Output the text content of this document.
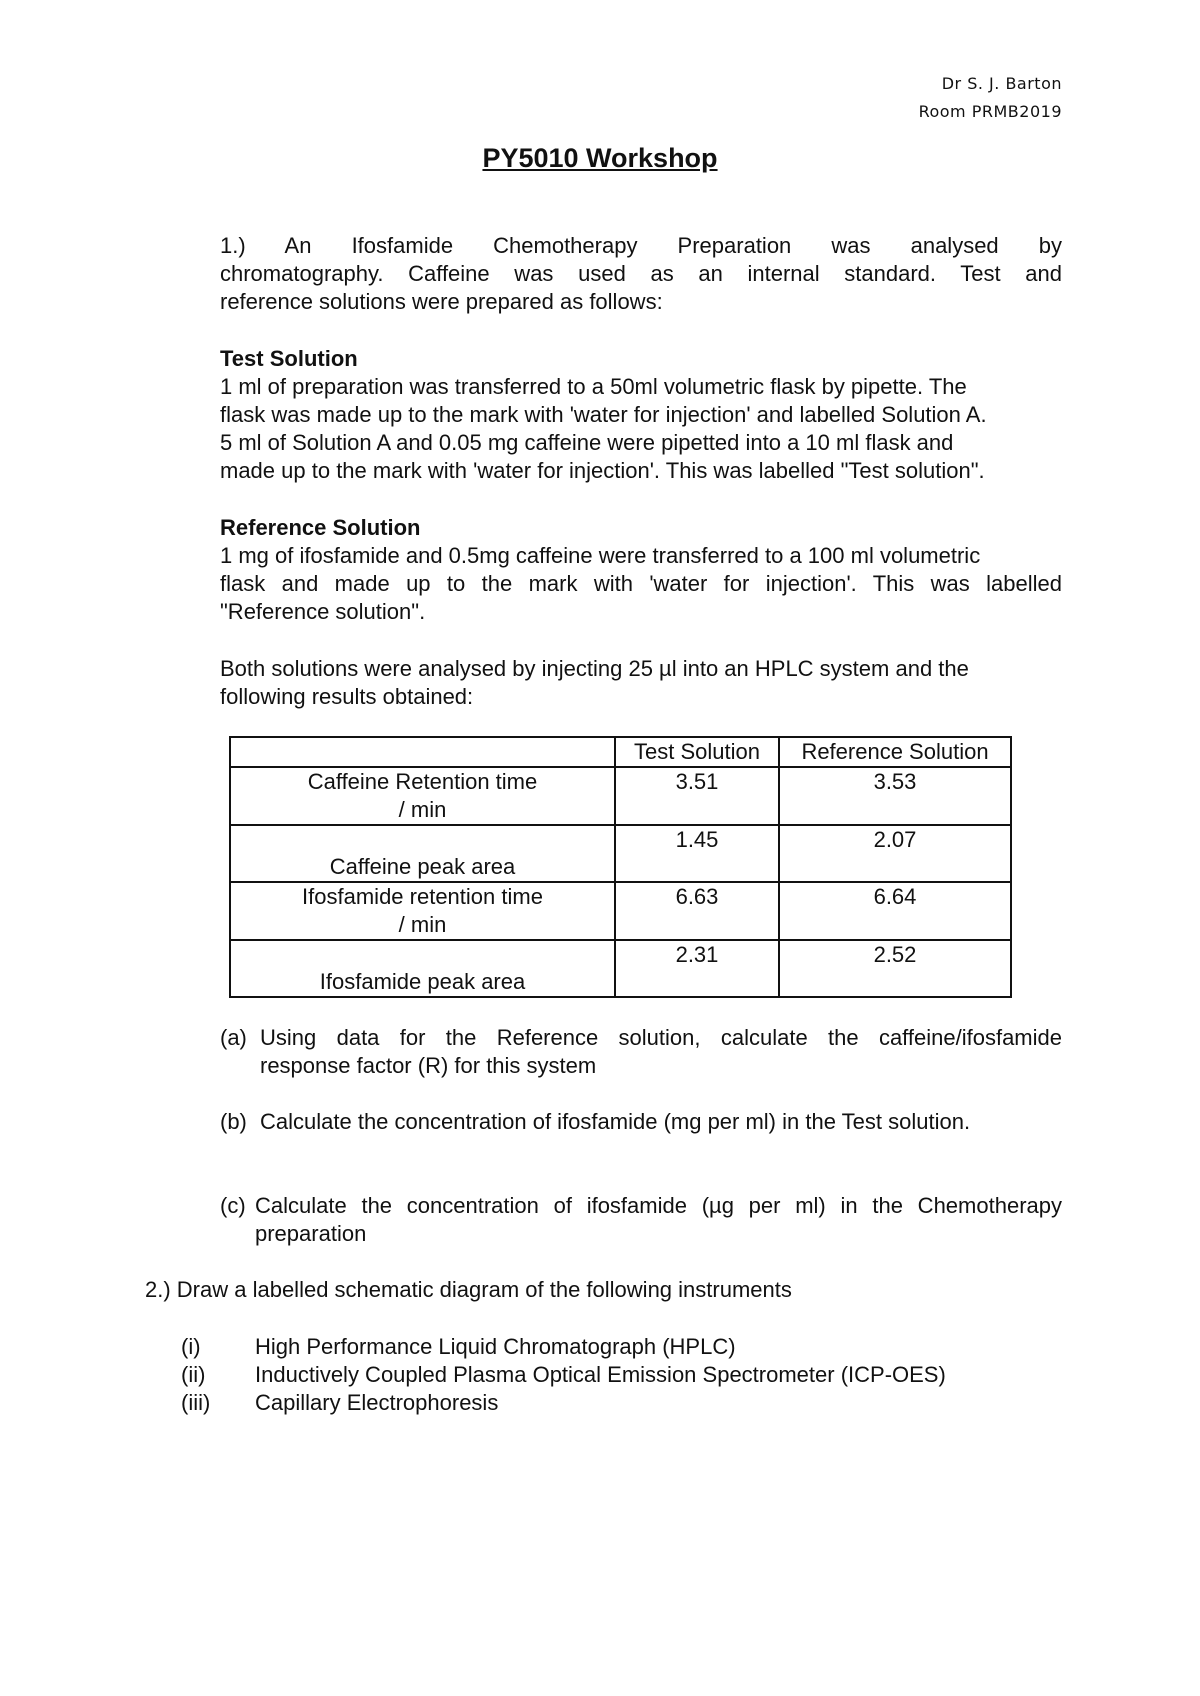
Dr S. J. Barton
Room PRMB2019
PY5010 Workshop
1.) An Ifosfamide Chemotherapy Preparation was analysed by
chromatography. Caffeine was used as an internal standard. Test and
reference solutions were prepared as follows:
Test Solution
1 ml of preparation was transferred to a 50ml volumetric flask by pipette. The
flask was made up to the mark with 'water for injection' and labelled Solution A.
5 ml of Solution A and 0.05 mg caffeine were pipetted into a 10 ml flask and
made up to the mark with 'water for injection'. This was labelled "Test solution".
Reference Solution
1 mg of ifosfamide and 0.5mg caffeine were transferred to a 100 ml volumetric
flask and made up to the mark with 'water for injection'. This was labelled
"Reference solution".
Both solutions were analysed by injecting 25 µl into an HPLC system and the
following results obtained:
	Test Solution	Reference Solution

Caffeine Retention time
/ min	3.51	3.53
Caffeine peak area	1.45	2.07

Ifosfamide retention time
/ min	6.63	6.64
Ifosfamide peak area	2.31	2.52
(a) Using data for the Reference solution, calculate the caffeine/ifosfamide
response factor (R) for this system
(b) Calculate the concentration of ifosfamide (mg per ml) in the Test solution.
(c) Calculate the concentration of ifosfamide (µg per ml) in the Chemotherapy
preparation
2.) Draw a labelled schematic diagram of the following instruments
(i) High Performance Liquid Chromatograph (HPLC)
(ii) Inductively Coupled Plasma Optical Emission Spectrometer (ICP-OES)
(iii) Capillary Electrophoresis
